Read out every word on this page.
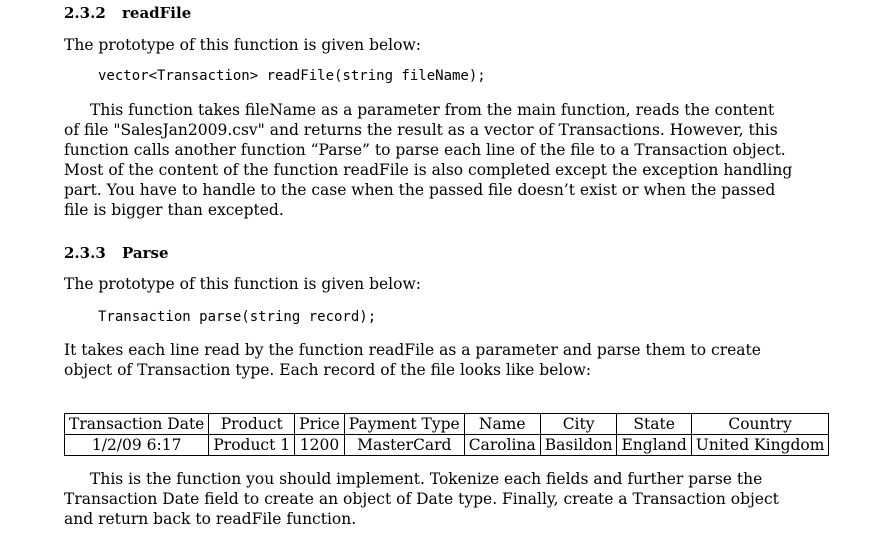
2.3.2 readFile
The prototype of this function is given below:
vector<Transaction> readFile(string fileName);
This function takes fileName as a parameter from the main function, reads the content
of file "SalesJan2009.csv" and returns the result as a vector of Transactions. However, this
function calls another function “Parse” to parse each line of the file to a Transaction object.
Most of the content of the function readFile is also completed except the exception handling
part. You have to handle to the case when the passed file doesn’t exist or when the passed
file is bigger than excepted.
2.3.3 Parse
The prototype of this function is given below:
Transaction parse(string record);
It takes each line read by the function readFile as a parameter and parse them to create
object of Transaction type. Each record of the file looks like below:
Transaction Date	Product	Price	Payment Type	Name	City	State	Country
1/2/09 6:17	Product 1	1200	MasterCard	Carolina	Basildon	England	United Kingdom
This is the function you should implement. Tokenize each fields and further parse the
Transaction Date field to create an object of Date type. Finally, create a Transaction object
and return back to readFile function.
